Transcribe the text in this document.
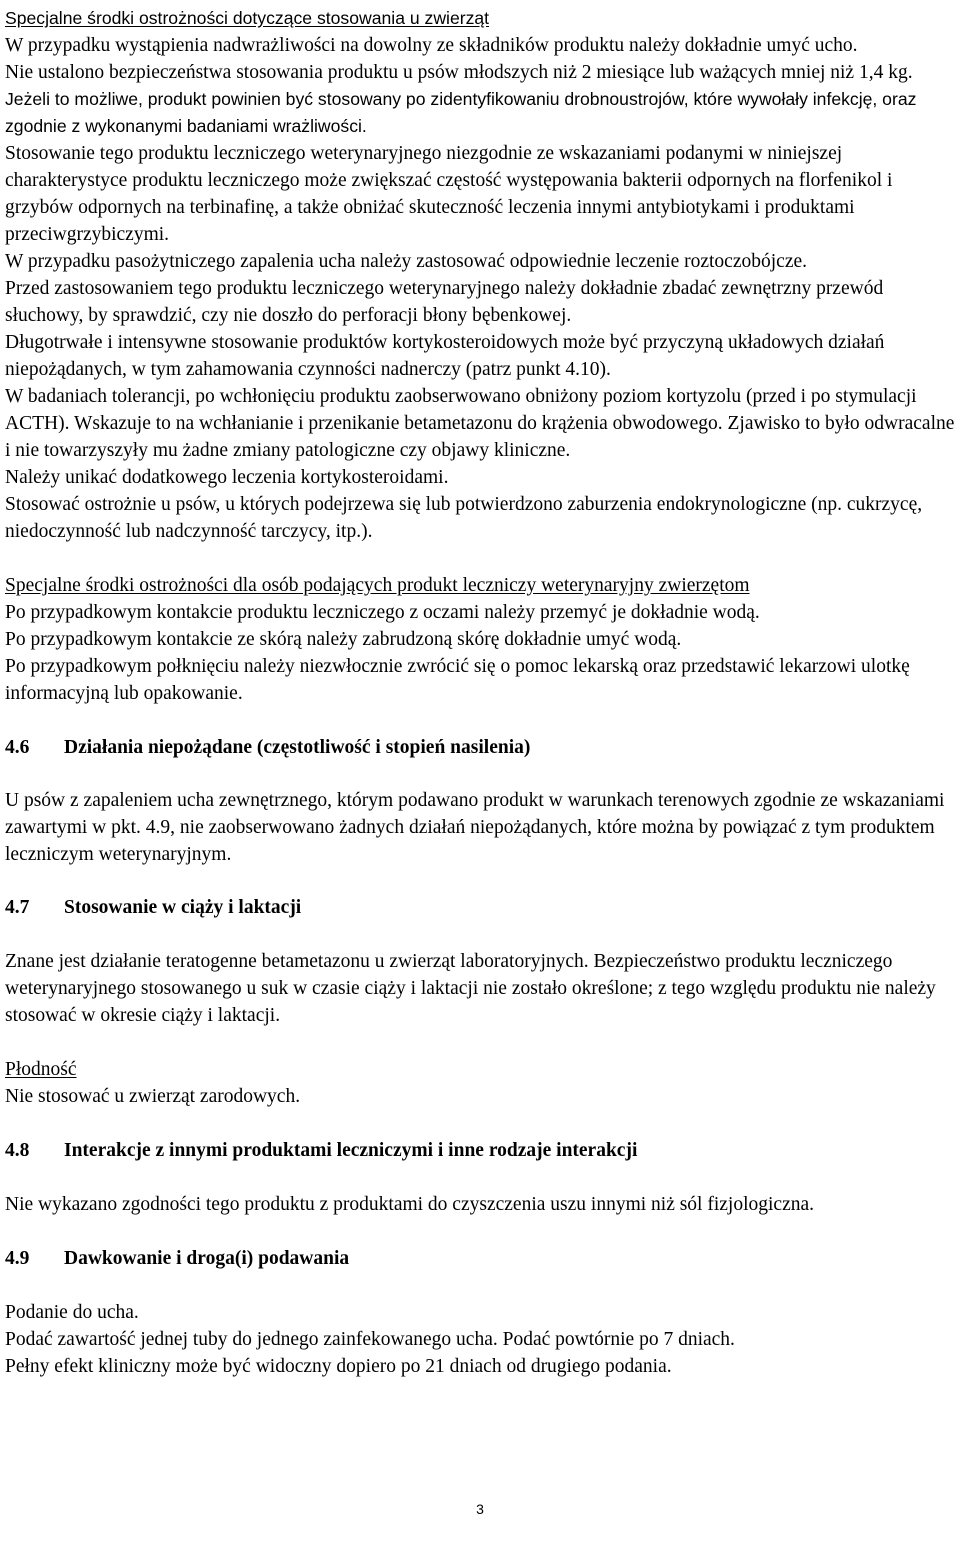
Specjalne środki ostrożności dotyczące stosowania u zwierząt

W przypadku wystąpienia nadwrażliwości na dowolny ze składników produktu należy dokładnie umyć ucho.

Nie ustalono bezpieczeństwa stosowania produktu u psów młodszych niż 2 miesiące lub ważących mniej niż 1,4 kg.

Jeżeli to możliwe, produkt powinien być stosowany po zidentyfikowaniu drobnoustrojów, które wywołały infekcję, oraz zgodnie z wykonanymi badaniami wrażliwości.

Stosowanie tego produktu leczniczego weterynaryjnego niezgodnie ze wskazaniami podanymi w niniejszej charakterystyce produktu leczniczego może zwiększać częstość występowania bakterii odpornych na florfenikol i grzybów odpornych na terbinafinę, a także obniżać skuteczność leczenia innymi antybiotykami i produktami przeciwgrzybiczymi.

W przypadku pasożytniczego zapalenia ucha należy zastosować odpowiednie leczenie roztoczobójcze.

Przed zastosowaniem tego produktu leczniczego weterynaryjnego należy dokładnie zbadać zewnętrzny przewód słuchowy, by sprawdzić, czy nie doszło do perforacji błony bębenkowej.

Długotrwałe i intensywne stosowanie produktów kortykosteroidowych może być przyczyną układowych działań niepożądanych, w tym zahamowania czynności nadnerczy (patrz punkt 4.10).

W badaniach tolerancji, po wchłonięciu produktu zaobserwowano obniżony poziom kortyzolu (przed i po stymulacji ACTH). Wskazuje to na wchłanianie i przenikanie betametazonu do krążenia obwodowego. Zjawisko to było odwracalne i nie towarzyszyły mu żadne zmiany patologiczne czy objawy kliniczne.

Należy unikać dodatkowego leczenia kortykosteroidami.

Stosować ostrożnie u psów, u których podejrzewa się lub potwierdzono zaburzenia endokrynologiczne (np. cukrzycę, niedoczynność lub nadczynność tarczycy, itp.).

Specjalne środki ostrożności dla osób podających produkt leczniczy weterynaryjny zwierzętom

Po przypadkowym kontakcie produktu leczniczego z oczami należy przemyć je dokładnie wodą.

Po przypadkowym kontakcie ze skórą należy zabrudzoną skórę dokładnie umyć wodą.

Po przypadkowym połknięciu należy niezwłocznie zwrócić się o pomoc lekarską oraz przedstawić lekarzowi ulotkę informacyjną lub opakowanie.

4.6	Działania niepożądane (częstotliwość i stopień nasilenia)

U psów z zapaleniem ucha zewnętrznego, którym podawano produkt w warunkach terenowych zgodnie ze wskazaniami zawartymi w pkt. 4.9, nie zaobserwowano żadnych działań niepożądanych, które można by powiązać z tym produktem leczniczym weterynaryjnym.

4.7	Stosowanie w ciąży i laktacji

Znane jest działanie teratogenne betametazonu u zwierząt laboratoryjnych. Bezpieczeństwo produktu leczniczego weterynaryjnego stosowanego u suk w czasie ciąży i laktacji nie zostało określone; z tego względu produktu nie należy stosować w okresie ciąży i laktacji.

Płodność

Nie stosować u zwierząt zarodowych.

4.8	Interakcje z innymi produktami leczniczymi i inne rodzaje interakcji

Nie wykazano zgodności tego produktu z produktami do czyszczenia uszu innymi niż sól fizjologiczna.

4.9	Dawkowanie i droga(i) podawania

Podanie do ucha.

Podać zawartość jednej tuby do jednego zainfekowanego ucha. Podać powtórnie po 7 dniach.

Pełny efekt kliniczny może być widoczny dopiero po 21 dniach od drugiego podania.

3
